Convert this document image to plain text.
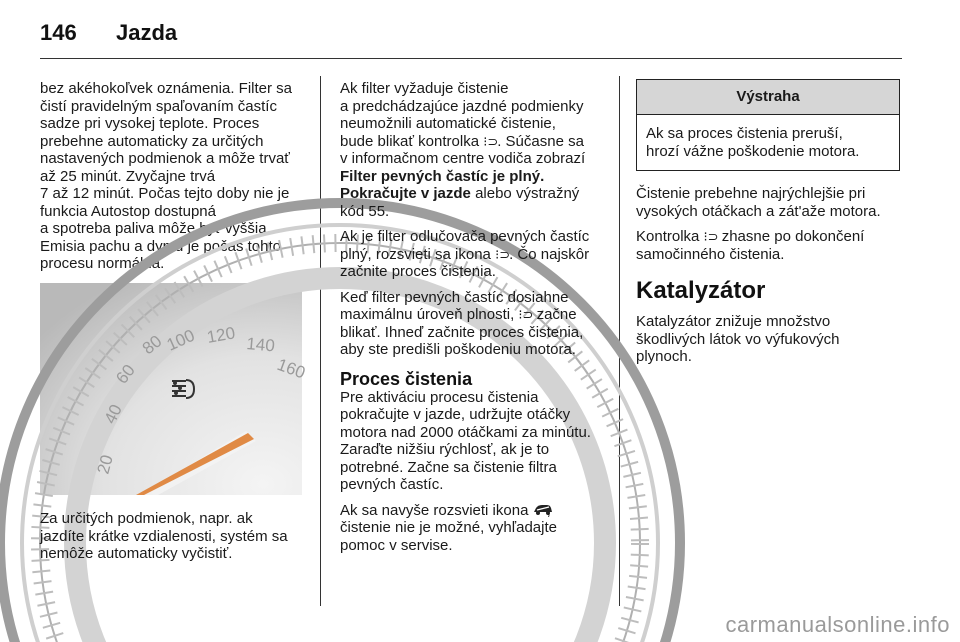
146 Jazda

bez akéhokoľvek oznámenia. Filter sa
čistí pravidelným spaľovaním častíc
sadze pri vysokej teplote. Proces
prebehne automaticky za určitých
nastavených podmienok a môže trvať
až 25 minút. Zvyčajne trvá
7 až 12 minút. Počas tejto doby nie je
funkcia Autostop dostupná
a spotreba paliva môže byť vyššia.
Emisia pachu a dymu je počas tohto
procesu normálna.

20
40
60
80
100 120 140
160

Za určitých podmienok, napr. ak
jazdíte krátke vzdialenosti, systém sa
nemôže automaticky vyčistiť.

Ak filter vyžaduje čistenie
a predchádzajúce jazdné podmienky
neumožnili automatické čistenie,
bude blikať kontrolka ⁝⊃. Súčasne sa
v informačnom centre vodiča zobrazí
Filter pevných častíc je plný.
Pokračujte v jazde alebo výstražný
kód 55.

Ak je filter odlučovača pevných častíc
plný, rozsvieti sa ikona ⁝⊃. Čo najskôr
začnite proces čistenia.

Keď filter pevných častíc dosiahne
maximálnu úroveň plnosti, ⁝⊃ začne
blikať. Ihneď začnite proces čistenia,
aby ste predišli poškodeniu motora.

Proces čistenia

Pre aktiváciu procesu čistenia
pokračujte v jazde, udržujte otáčky
motora nad 2000 otáčkami za minútu.
Zaraďte nižšiu rýchlosť, ak je to
potrebné. Začne sa čistenie filtra
pevných častíc.

Ak sa navyše rozsvieti ikona ,
čistenie nie je možné, vyhľadajte
pomoc v servise.

Výstraha
Ak sa proces čistenia preruší,
hrozí vážne poškodenie motora.

Čistenie prebehne najrýchlejšie pri
vysokých otáčkach a zát'aže motora.

Kontrolka ⁝⊃ zhasne po dokončení
samočinného čistenia.

Katalyzátor

Katalyzátor znižuje množstvo
škodlivých látok vo výfukových
plynoch.

carmanualsonline.info
